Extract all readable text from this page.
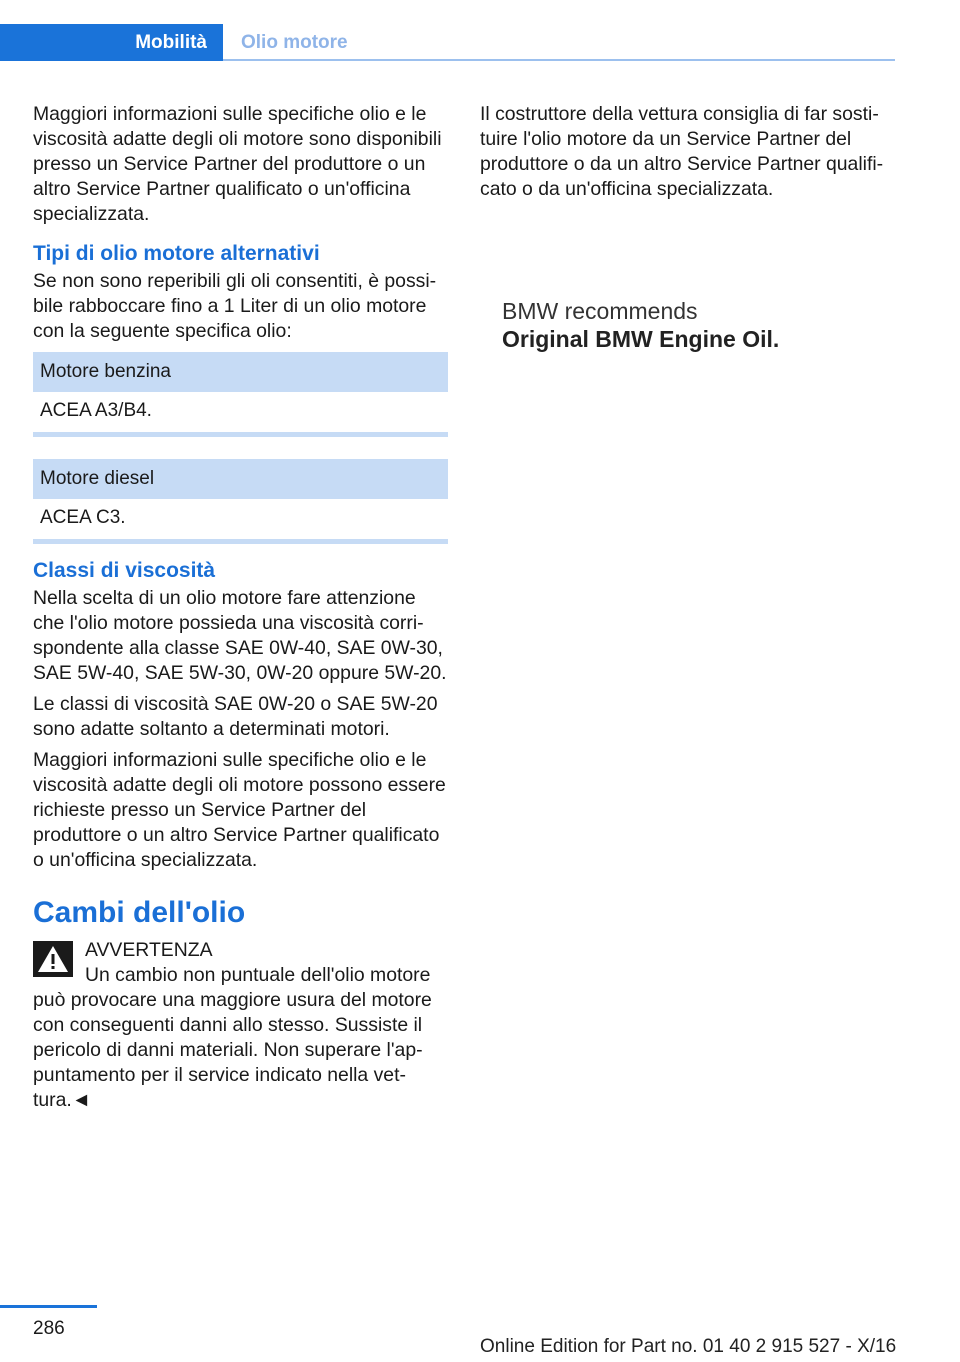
Mobilità	Olio motore

Maggiori informazioni sulle specifiche olio e le viscosità adatte degli oli motore sono disponibili presso un Service Partner del produttore o un altro Service Partner qualificato o un'officina specializzata.

Tipi di olio motore alternativi

Se non sono reperibili gli oli consentiti, è possibile rabboccare fino a 1 Liter di un olio motore con la seguente specifica olio:

Motore benzina
ACEA A3/B4.
Motore diesel
ACEA C3.
Classi di viscosità

Nella scelta di un olio motore fare attenzione che l'olio motore possieda una viscosità corrispondente alla classe SAE 0W-40, SAE 0W-30, SAE 5W-40, SAE 5W-30, 0W-20 oppure 5W-20.

Le classi di viscosità SAE 0W-20 o SAE 5W-20 sono adatte soltanto a determinati motori.

Maggiori informazioni sulle specifiche olio e le viscosità adatte degli oli motore possono essere richieste presso un Service Partner del produttore o un altro Service Partner qualificato o un'officina specializzata.

Cambi dell'olio
AVVERTENZA

Un cambio non puntuale dell'olio motore può provocare una maggiore usura del motore con conseguenti danni allo stesso. Sussiste il pericolo di danni materiali. Non superare l'appuntamento per il service indicato nella vettura.◄

Il costruttore della vettura consiglia di far sostituire l'olio motore da un Service Partner del produttore o da un altro Service Partner qualificato o da un'officina specializzata.

BMW recommends
Original BMW Engine Oil.
286
Online Edition for Part no. 01 40 2 915 527 - X/16
